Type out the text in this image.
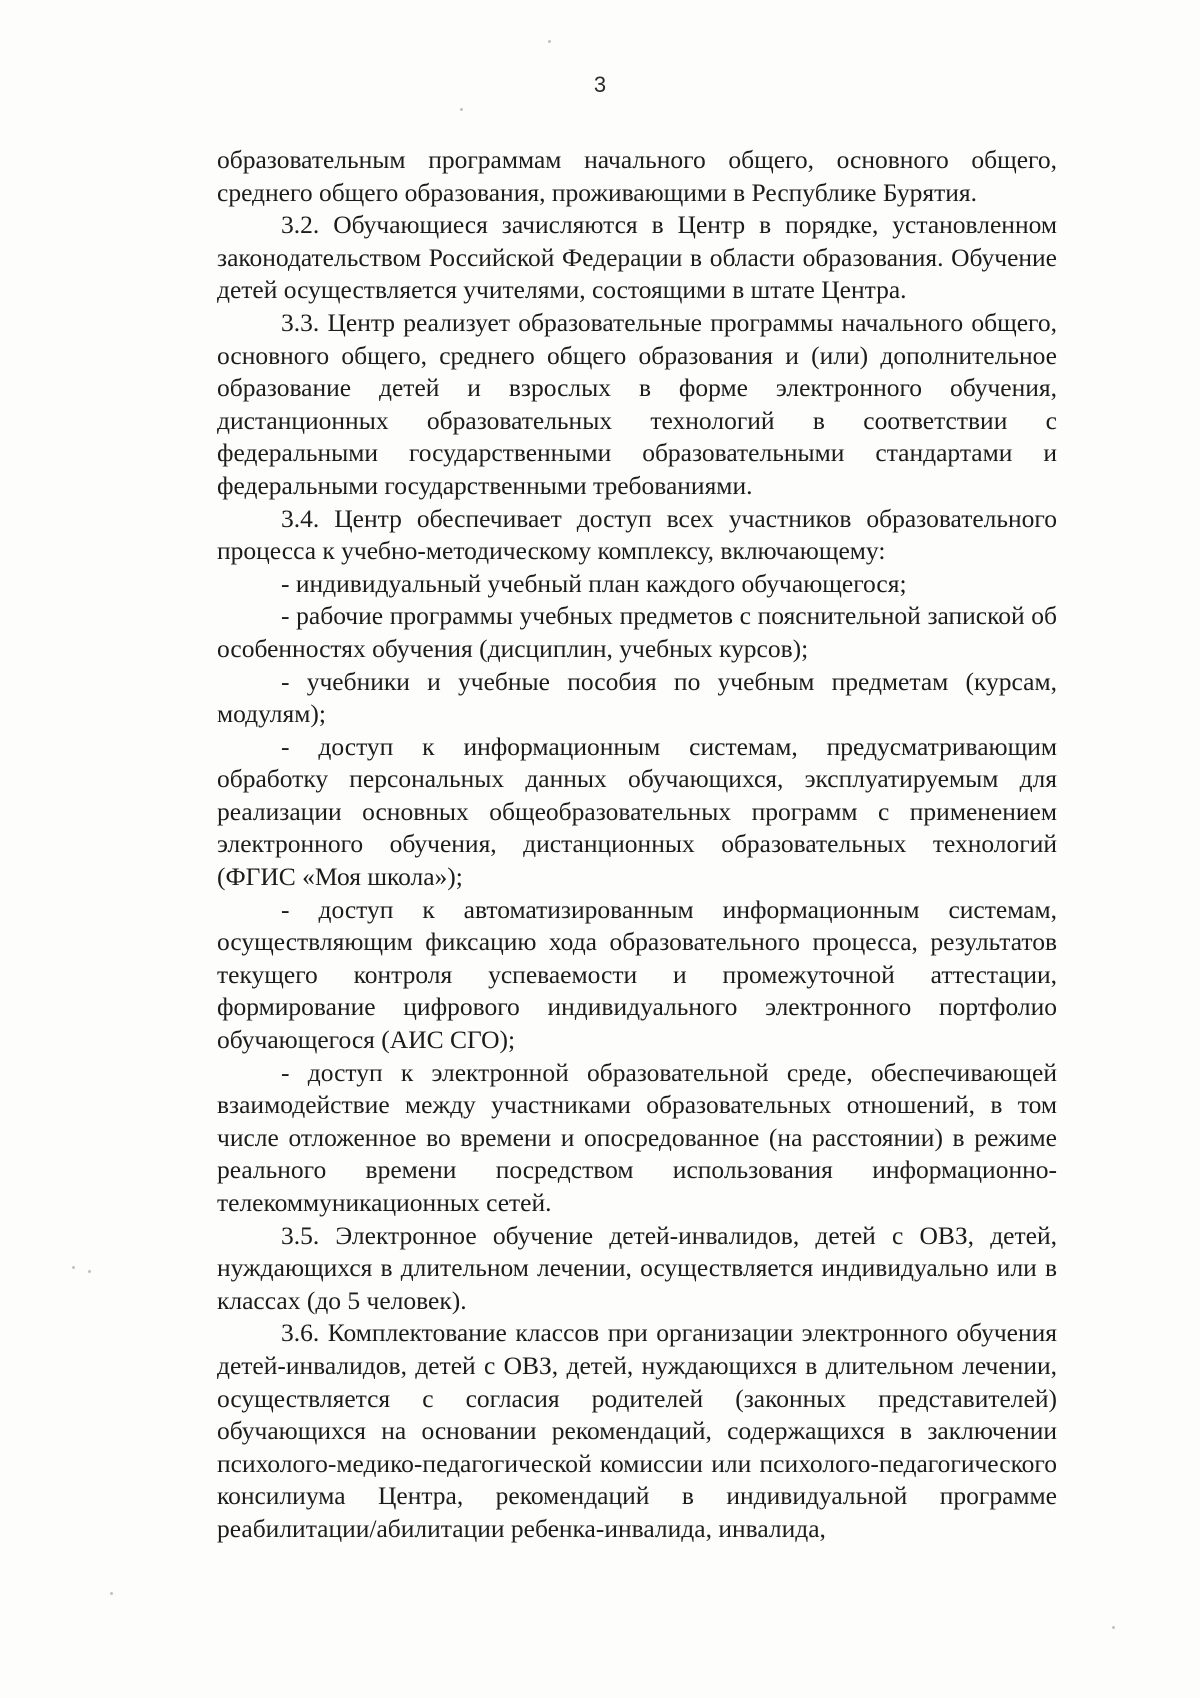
3

образовательным программам начального общего, основного общего, среднего общего образования, проживающими в Республике Бурятия.

3.2. Обучающиеся зачисляются в Центр в порядке, установленном законодательством Российской Федерации в области образования. Обучение детей осуществляется учителями, состоящими в штате Центра.

3.3. Центр реализует образовательные программы начального общего, основного общего, среднего общего образования и (или) дополнительное образование детей и взрослых в форме электронного обучения, дистанционных образовательных технологий в соответствии с федеральными государственными образовательными стандартами и федеральными государственными требованиями.

3.4. Центр обеспечивает доступ всех участников образовательного процесса к учебно-методическому комплексу, включающему:

- индивидуальный учебный план каждого обучающегося;

- рабочие программы учебных предметов с пояснительной запиской об особенностях обучения (дисциплин, учебных курсов);

- учебники и учебные пособия по учебным предметам (курсам, модулям);

- доступ к информационным системам, предусматривающим обработку персональных данных обучающихся, эксплуатируемым для реализации основных общеобразовательных программ с применением электронного обучения, дистанционных образовательных технологий (ФГИС «Моя школа»);

- доступ к автоматизированным информационным системам, осуществляющим фиксацию хода образовательного процесса, результатов текущего контроля успеваемости и промежуточной аттестации, формирование цифрового индивидуального электронного портфолио обучающегося (АИС СГО);

- доступ к электронной образовательной среде, обеспечивающей взаимодействие между участниками образовательных отношений, в том числе отложенное во времени и опосредованное (на расстоянии) в режиме реального времени посредством использования информационно-телекоммуникационных сетей.

3.5. Электронное обучение детей-инвалидов, детей с ОВЗ, детей, нуждающихся в длительном лечении, осуществляется индивидуально или в классах (до 5 человек).

3.6. Комплектование классов при организации электронного обучения детей-инвалидов, детей с ОВЗ, детей, нуждающихся в длительном лечении, осуществляется с согласия родителей (законных представителей) обучающихся на основании рекомендаций, содержащихся в заключении психолого-медико-педагогической комиссии или психолого-педагогического консилиума Центра, рекомендаций в индивидуальной программе реабилитации/абилитации ребенка-инвалида, инвалида,
